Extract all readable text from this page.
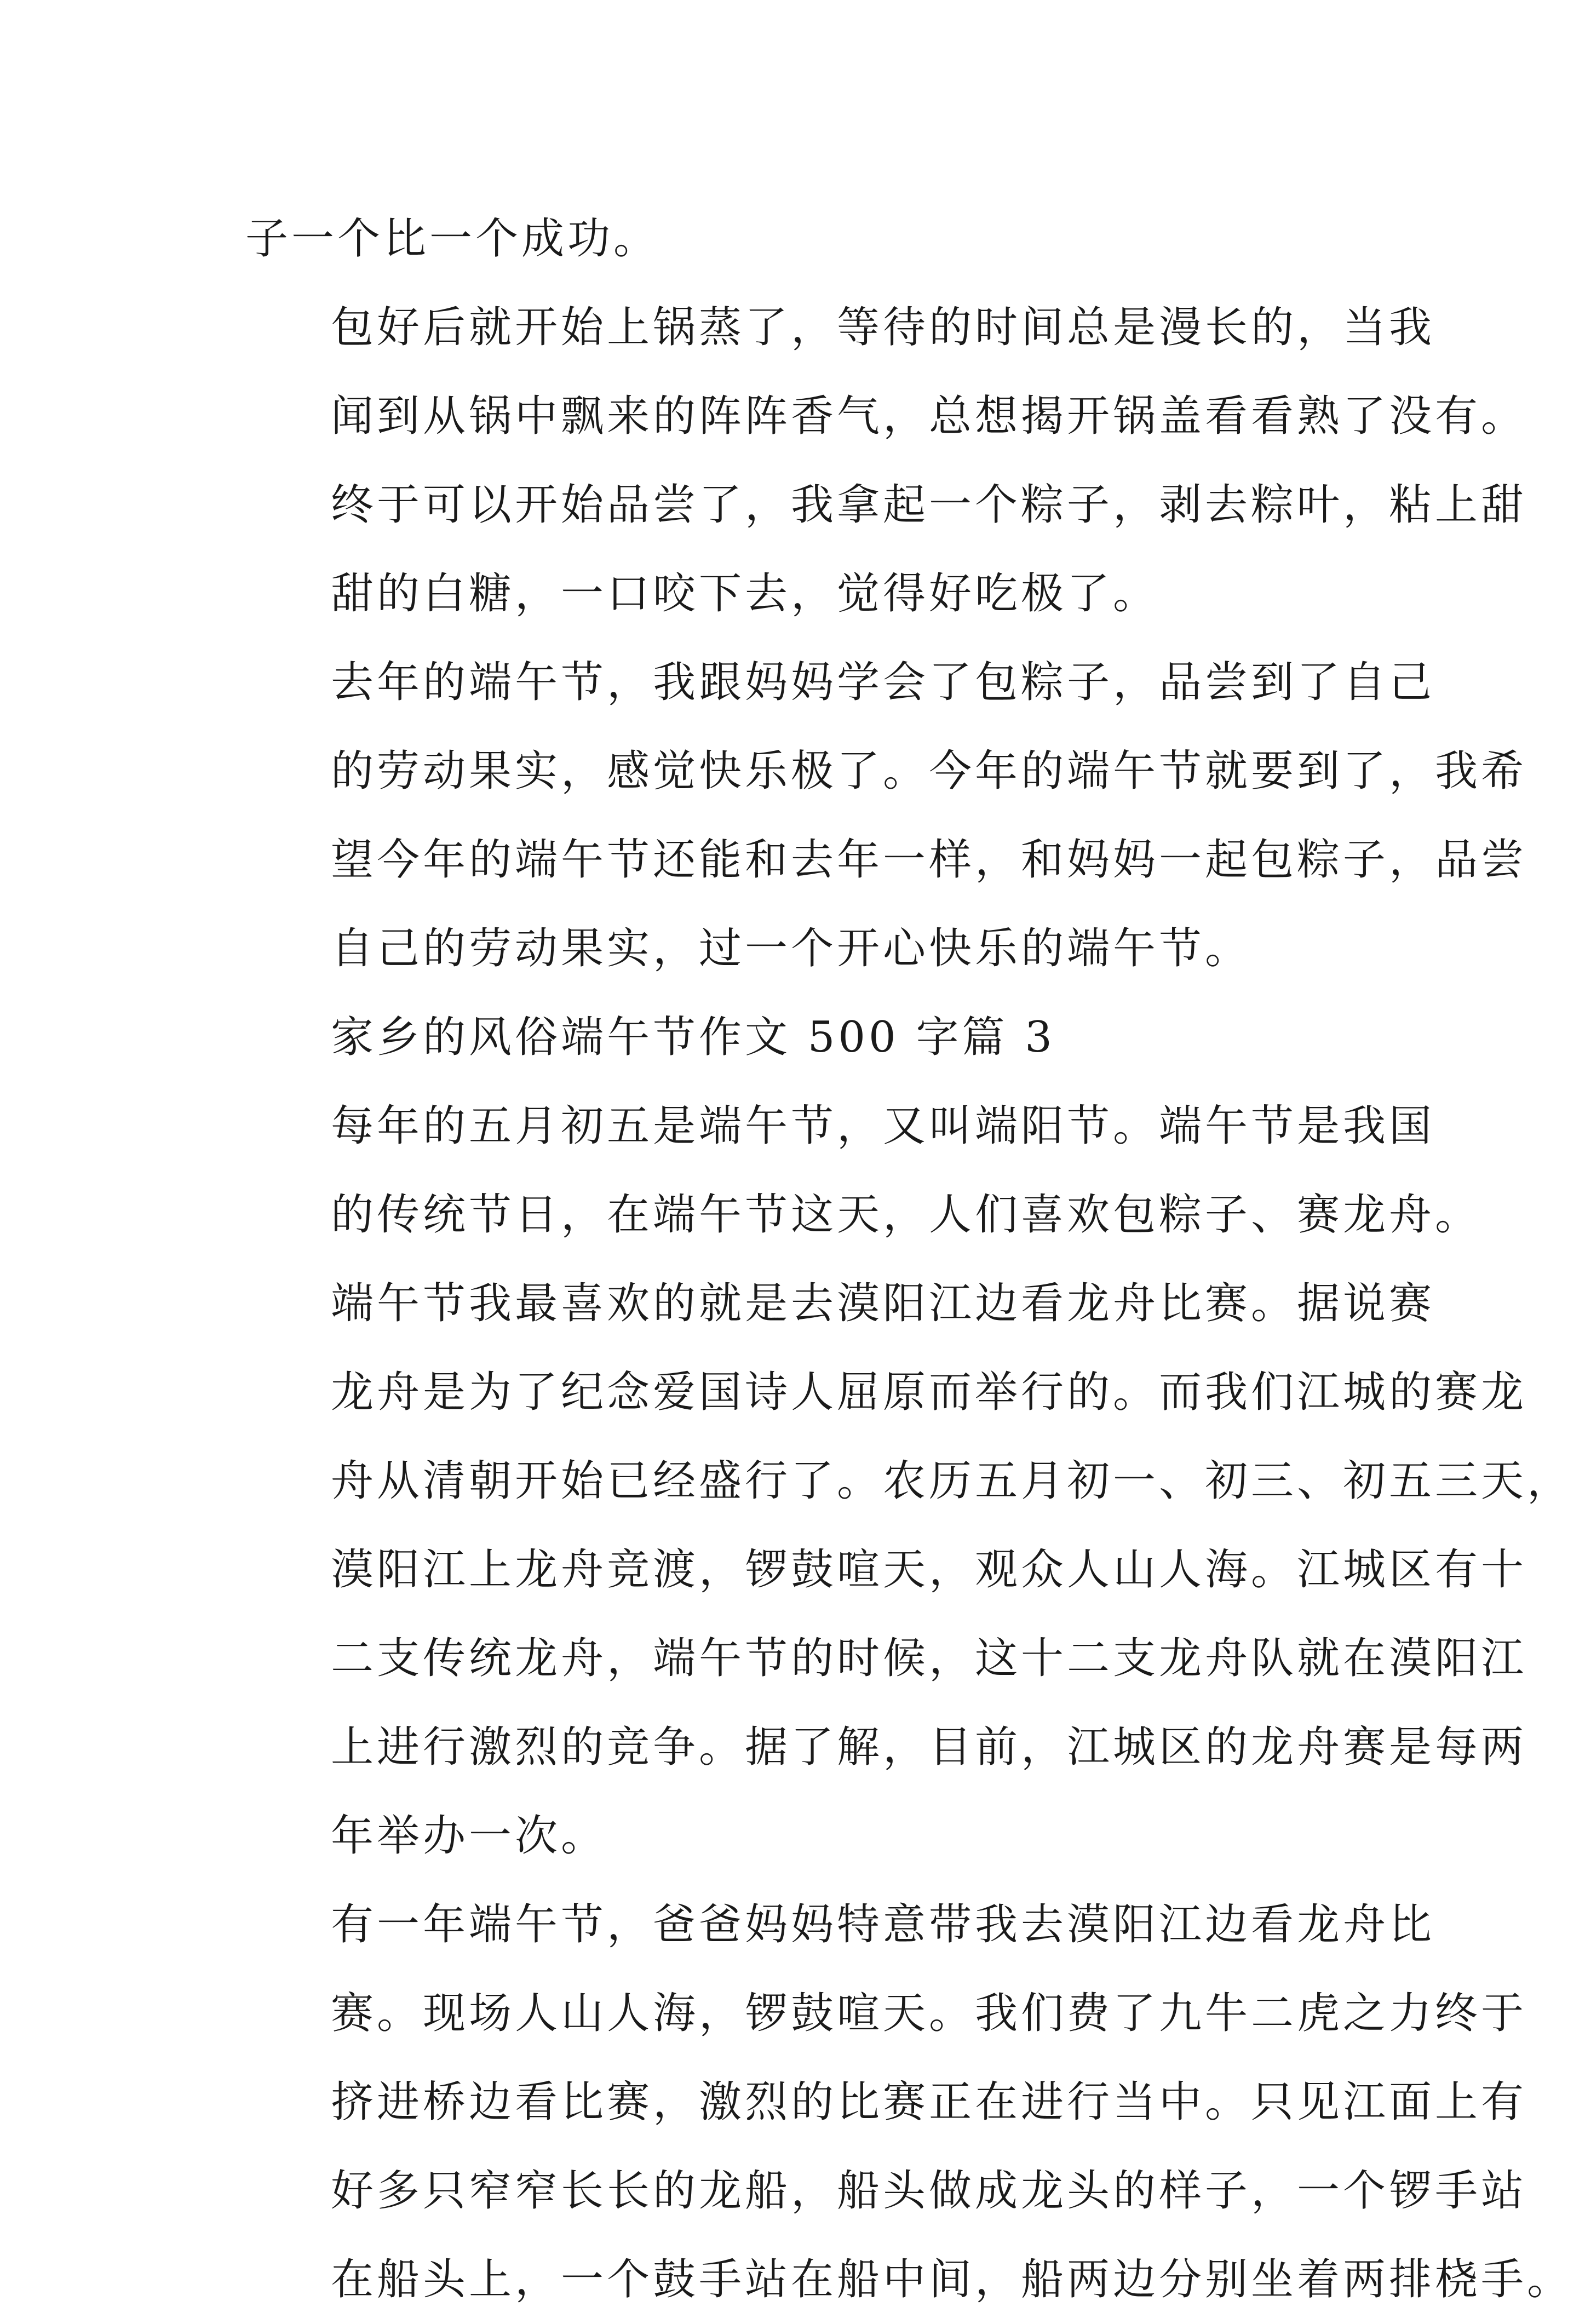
子一个比一个成功。
包好后就开始上锅蒸了，等待的时间总是漫长的，当我
闻到从锅中飘来的阵阵香气，总想揭开锅盖看看熟了没有。
终于可以开始品尝了，我拿起一个粽子，剥去粽叶，粘上甜
甜的白糖，一口咬下去，觉得好吃极了。
去年的端午节，我跟妈妈学会了包粽子，品尝到了自己
的劳动果实，感觉快乐极了。今年的端午节就要到了，我希
望今年的端午节还能和去年一样，和妈妈一起包粽子，品尝
自己的劳动果实，过一个开心快乐的端午节。
家乡的风俗端午节作文 500 字篇 3
每年的五月初五是端午节，又叫端阳节。端午节是我国
的传统节日，在端午节这天，人们喜欢包粽子、赛龙舟。
端午节我最喜欢的就是去漠阳江边看龙舟比赛。据说赛
龙舟是为了纪念爱国诗人屈原而举行的。而我们江城的赛龙
舟从清朝开始已经盛行了。农历五月初一、初三、初五三天，
漠阳江上龙舟竞渡，锣鼓喧天，观众人山人海。江城区有十
二支传统龙舟，端午节的时候，这十二支龙舟队就在漠阳江
上进行激烈的竞争。据了解，目前，江城区的龙舟赛是每两
年举办一次。
有一年端午节，爸爸妈妈特意带我去漠阳江边看龙舟比
赛。现场人山人海，锣鼓喧天。我们费了九牛二虎之力终于
挤进桥边看比赛，激烈的比赛正在进行当中。只见江面上有
好多只窄窄长长的龙船，船头做成龙头的样子，一个锣手站
在船头上，一个鼓手站在船中间，船两边分别坐着两排桡手。
